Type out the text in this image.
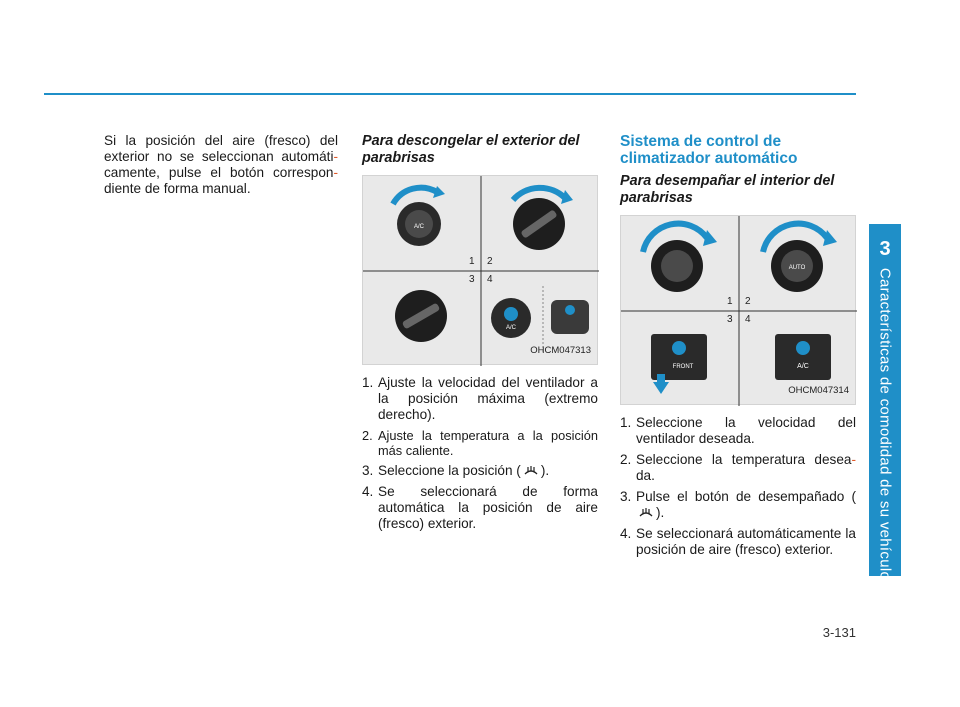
3
Características de comodidad de su vehículo

Si la posición del aire (fresco) del exterior no se seleccionan automáti- camente, pulse el botón correspon- diente de forma manual.

Para descongelar el exterior del parabrisas
A/C
A/C
1 2
3 4
OHCM047313
1. Ajuste la velocidad del ventilador a la posición máxima (extremo derecho).
2. Ajuste la temperatura a la posición más caliente.
3. Seleccione la posición ( ).
4. Se seleccionará de forma automática la posición de aire (fresco) exterior.
Sistema de control de climatizador automático
Para desempañar el interior del parabrisas
AUTO
FRONT	A/C
1 2
3 4
OHCM047314
1. Seleccione la velocidad del ventilador deseada.
2. Seleccione la temperatura desea- da.
3. Pulse el botón de desempañado ().
4. Se seleccionará automáticamente la posición de aire (fresco) exterior.
3-131
